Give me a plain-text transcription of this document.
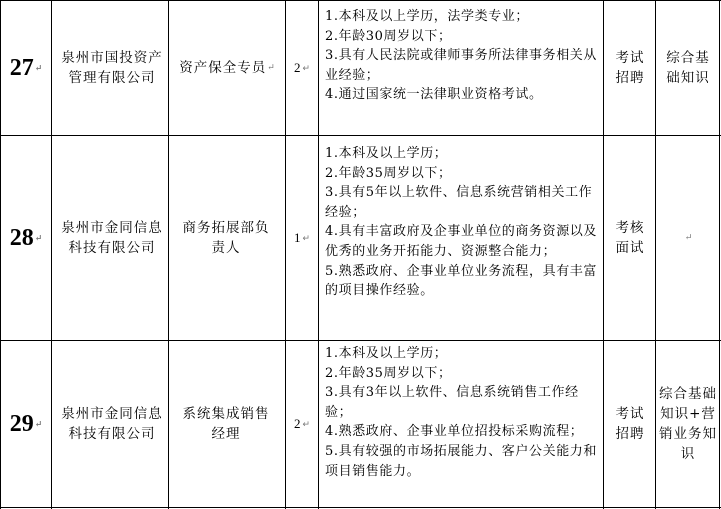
27 ↵
泉州市国投资产管理有限公司
资产保全专员 ↵ 2 ↵
1.本科及以上学历，法学类专业；
2.年龄30周岁以下；
3.具有人民法院或律师事务所法律事务相关从业经验；
4.通过国家统一法律职业资格考试。
考试招聘
综合基础知识
28 ↵
泉州市金同信息科技有限公司
商务拓展部负责人
1 ↵
1.本科及以上学历；
2.年龄35周岁以下；
3.具有5年以上软件、信息系统营销相关工作经验；
4.具有丰富政府及企事业单位的商务资源以及优秀的业务开拓能力、资源整合能力；
5.熟悉政府、企事业单位业务流程，具有丰富的项目操作经验。
考核面试
↵
29 ↵
泉州市金同信息科技有限公司
系统集成销售经理
2 ↵
1.本科及以上学历；
2.年龄35周岁以下；
3.具有3年以上软件、信息系统销售工作经验；
4.熟悉政府、企事业单位招投标采购流程；
5.具有较强的市场拓展能力、客户公关能力和项目销售能力。
考试招聘
综合基础知识+营销业务知识
